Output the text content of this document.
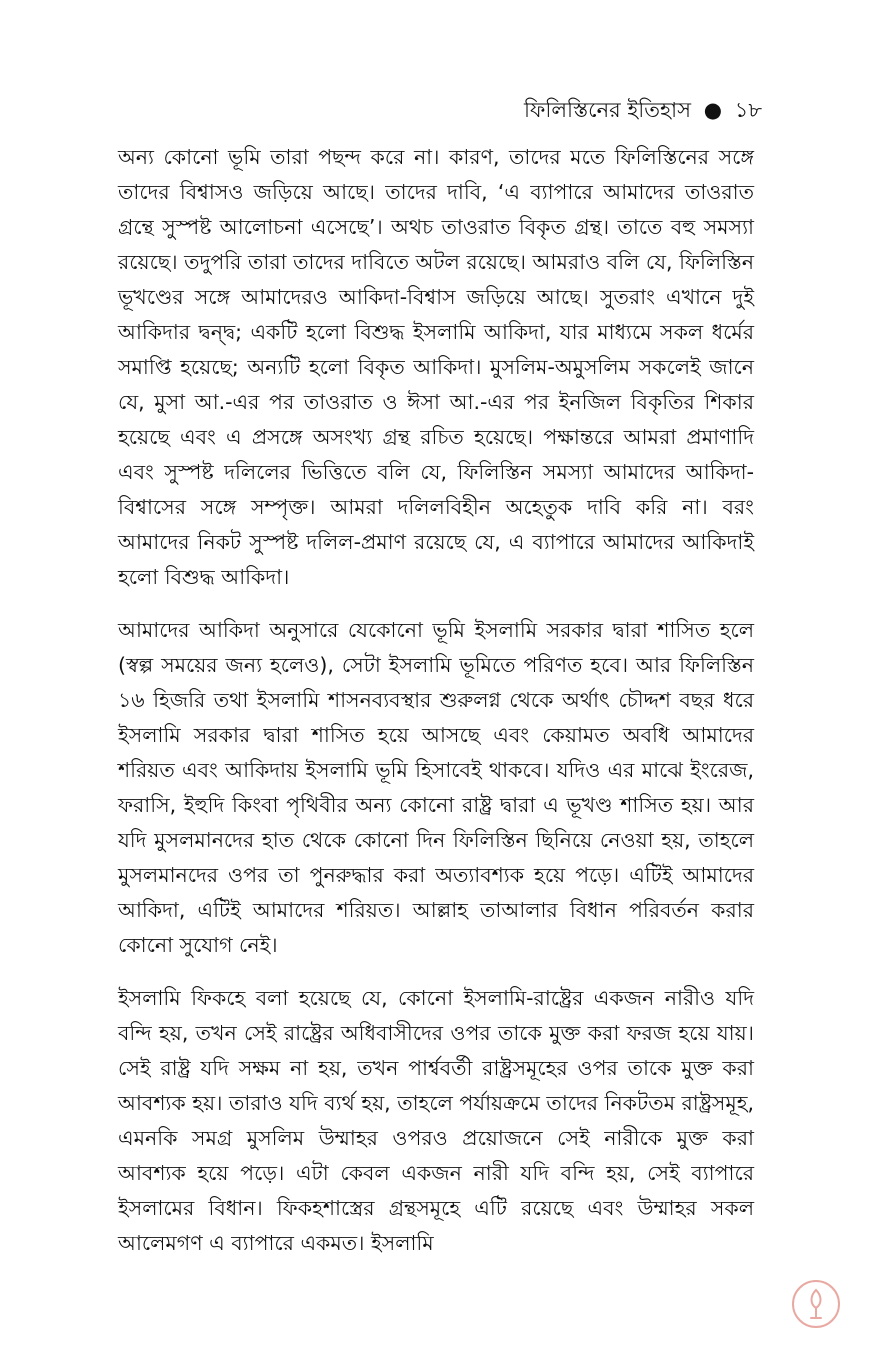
ফিলিস্তিনের ইতিহাস ● ১৮

অন্য কোনো ভূমি তারা পছন্দ করে না। কারণ, তাদের মতে ফিলিস্তিনের সঙ্গে তাদের বিশ্বাসও জড়িয়ে আছে। তাদের দাবি, ‘এ ব্যাপারে আমাদের তাওরাত গ্রন্থে সুস্পষ্ট আলোচনা এসেছে’। অথচ তাওরাত বিকৃত গ্রন্থ। তাতে বহু সমস্যা রয়েছে। তদুপরি তারা তাদের দাবিতে অটল রয়েছে। আমরাও বলি যে, ফিলিস্তিন ভূখণ্ডের সঙ্গে আমাদেরও আকিদা-বিশ্বাস জড়িয়ে আছে। সুতরাং এখানে দুই আকিদার দ্বন্দ্ব; একটি হলো বিশুদ্ধ ইসলামি আকিদা, যার মাধ্যমে সকল ধর্মের সমাপ্তি হয়েছে; অন্যটি হলো বিকৃত আকিদা। মুসলিম-অমুসলিম সকলেই জানে যে, মুসা আ.-এর পর তাওরাত ও ঈসা আ.-এর পর ইনজিল বিকৃতির শিকার হয়েছে এবং এ প্রসঙ্গে অসংখ্য গ্রন্থ রচিত হয়েছে। পক্ষান্তরে আমরা প্রমাণাদি এবং সুস্পষ্ট দলিলের ভিত্তিতে বলি যে, ফিলিস্তিন সমস্যা আমাদের আকিদা-বিশ্বাসের সঙ্গে সম্পৃক্ত। আমরা দলিলবিহীন অহেতুক দাবি করি না। বরং আমাদের নিকট সুস্পষ্ট দলিল-প্রমাণ রয়েছে যে, এ ব্যাপারে আমাদের আকিদাই হলো বিশুদ্ধ আকিদা।

আমাদের আকিদা অনুসারে যেকোনো ভূমি ইসলামি সরকার দ্বারা শাসিত হলে (স্বল্প সময়ের জন্য হলেও), সেটা ইসলামি ভূমিতে পরিণত হবে। আর ফিলিস্তিন ১৬ হিজরি তথা ইসলামি শাসনব্যবস্থার শুরুলগ্ন থেকে অর্থাৎ চৌদ্দশ বছর ধরে ইসলামি সরকার দ্বারা শাসিত হয়ে আসছে এবং কেয়ামত অবধি আমাদের শরিয়ত এবং আকিদায় ইসলামি ভূমি হিসাবেই থাকবে। যদিও এর মাঝে ইংরেজ, ফরাসি, ইহুদি কিংবা পৃথিবীর অন্য কোনো রাষ্ট্র দ্বারা এ ভূখণ্ড শাসিত হয়। আর যদি মুসলমানদের হাত থেকে কোনো দিন ফিলিস্তিন ছিনিয়ে নেওয়া হয়, তাহলে মুসলমানদের ওপর তা পুনরুদ্ধার করা অত্যাবশ্যক হয়ে পড়ে। এটিই আমাদের আকিদা, এটিই আমাদের শরিয়ত। আল্লাহ তাআলার বিধান পরিবর্তন করার কোনো সুযোগ নেই।

ইসলামি ফিকহে বলা হয়েছে যে, কোনো ইসলামি-রাষ্ট্রের একজন নারীও যদি বন্দি হয়, তখন সেই রাষ্ট্রের অধিবাসীদের ওপর তাকে মুক্ত করা ফরজ হয়ে যায়। সেই রাষ্ট্র যদি সক্ষম না হয়, তখন পার্শ্ববর্তী রাষ্ট্রসমূহের ওপর তাকে মুক্ত করা আবশ্যক হয়। তারাও যদি ব্যর্থ হয়, তাহলে পর্যায়ক্রমে তাদের নিকটতম রাষ্ট্রসমূহ, এমনকি সমগ্র মুসলিম উম্মাহর ওপরও প্রয়োজনে সেই নারীকে মুক্ত করা আবশ্যক হয়ে পড়ে। এটা কেবল একজন নারী যদি বন্দি হয়, সেই ব্যাপারে ইসলামের বিধান। ফিকহশাস্ত্রের গ্রন্থসমূহে এটি রয়েছে এবং উম্মাহর সকল আলেমগণ এ ব্যাপারে একমত। ইসলামি
